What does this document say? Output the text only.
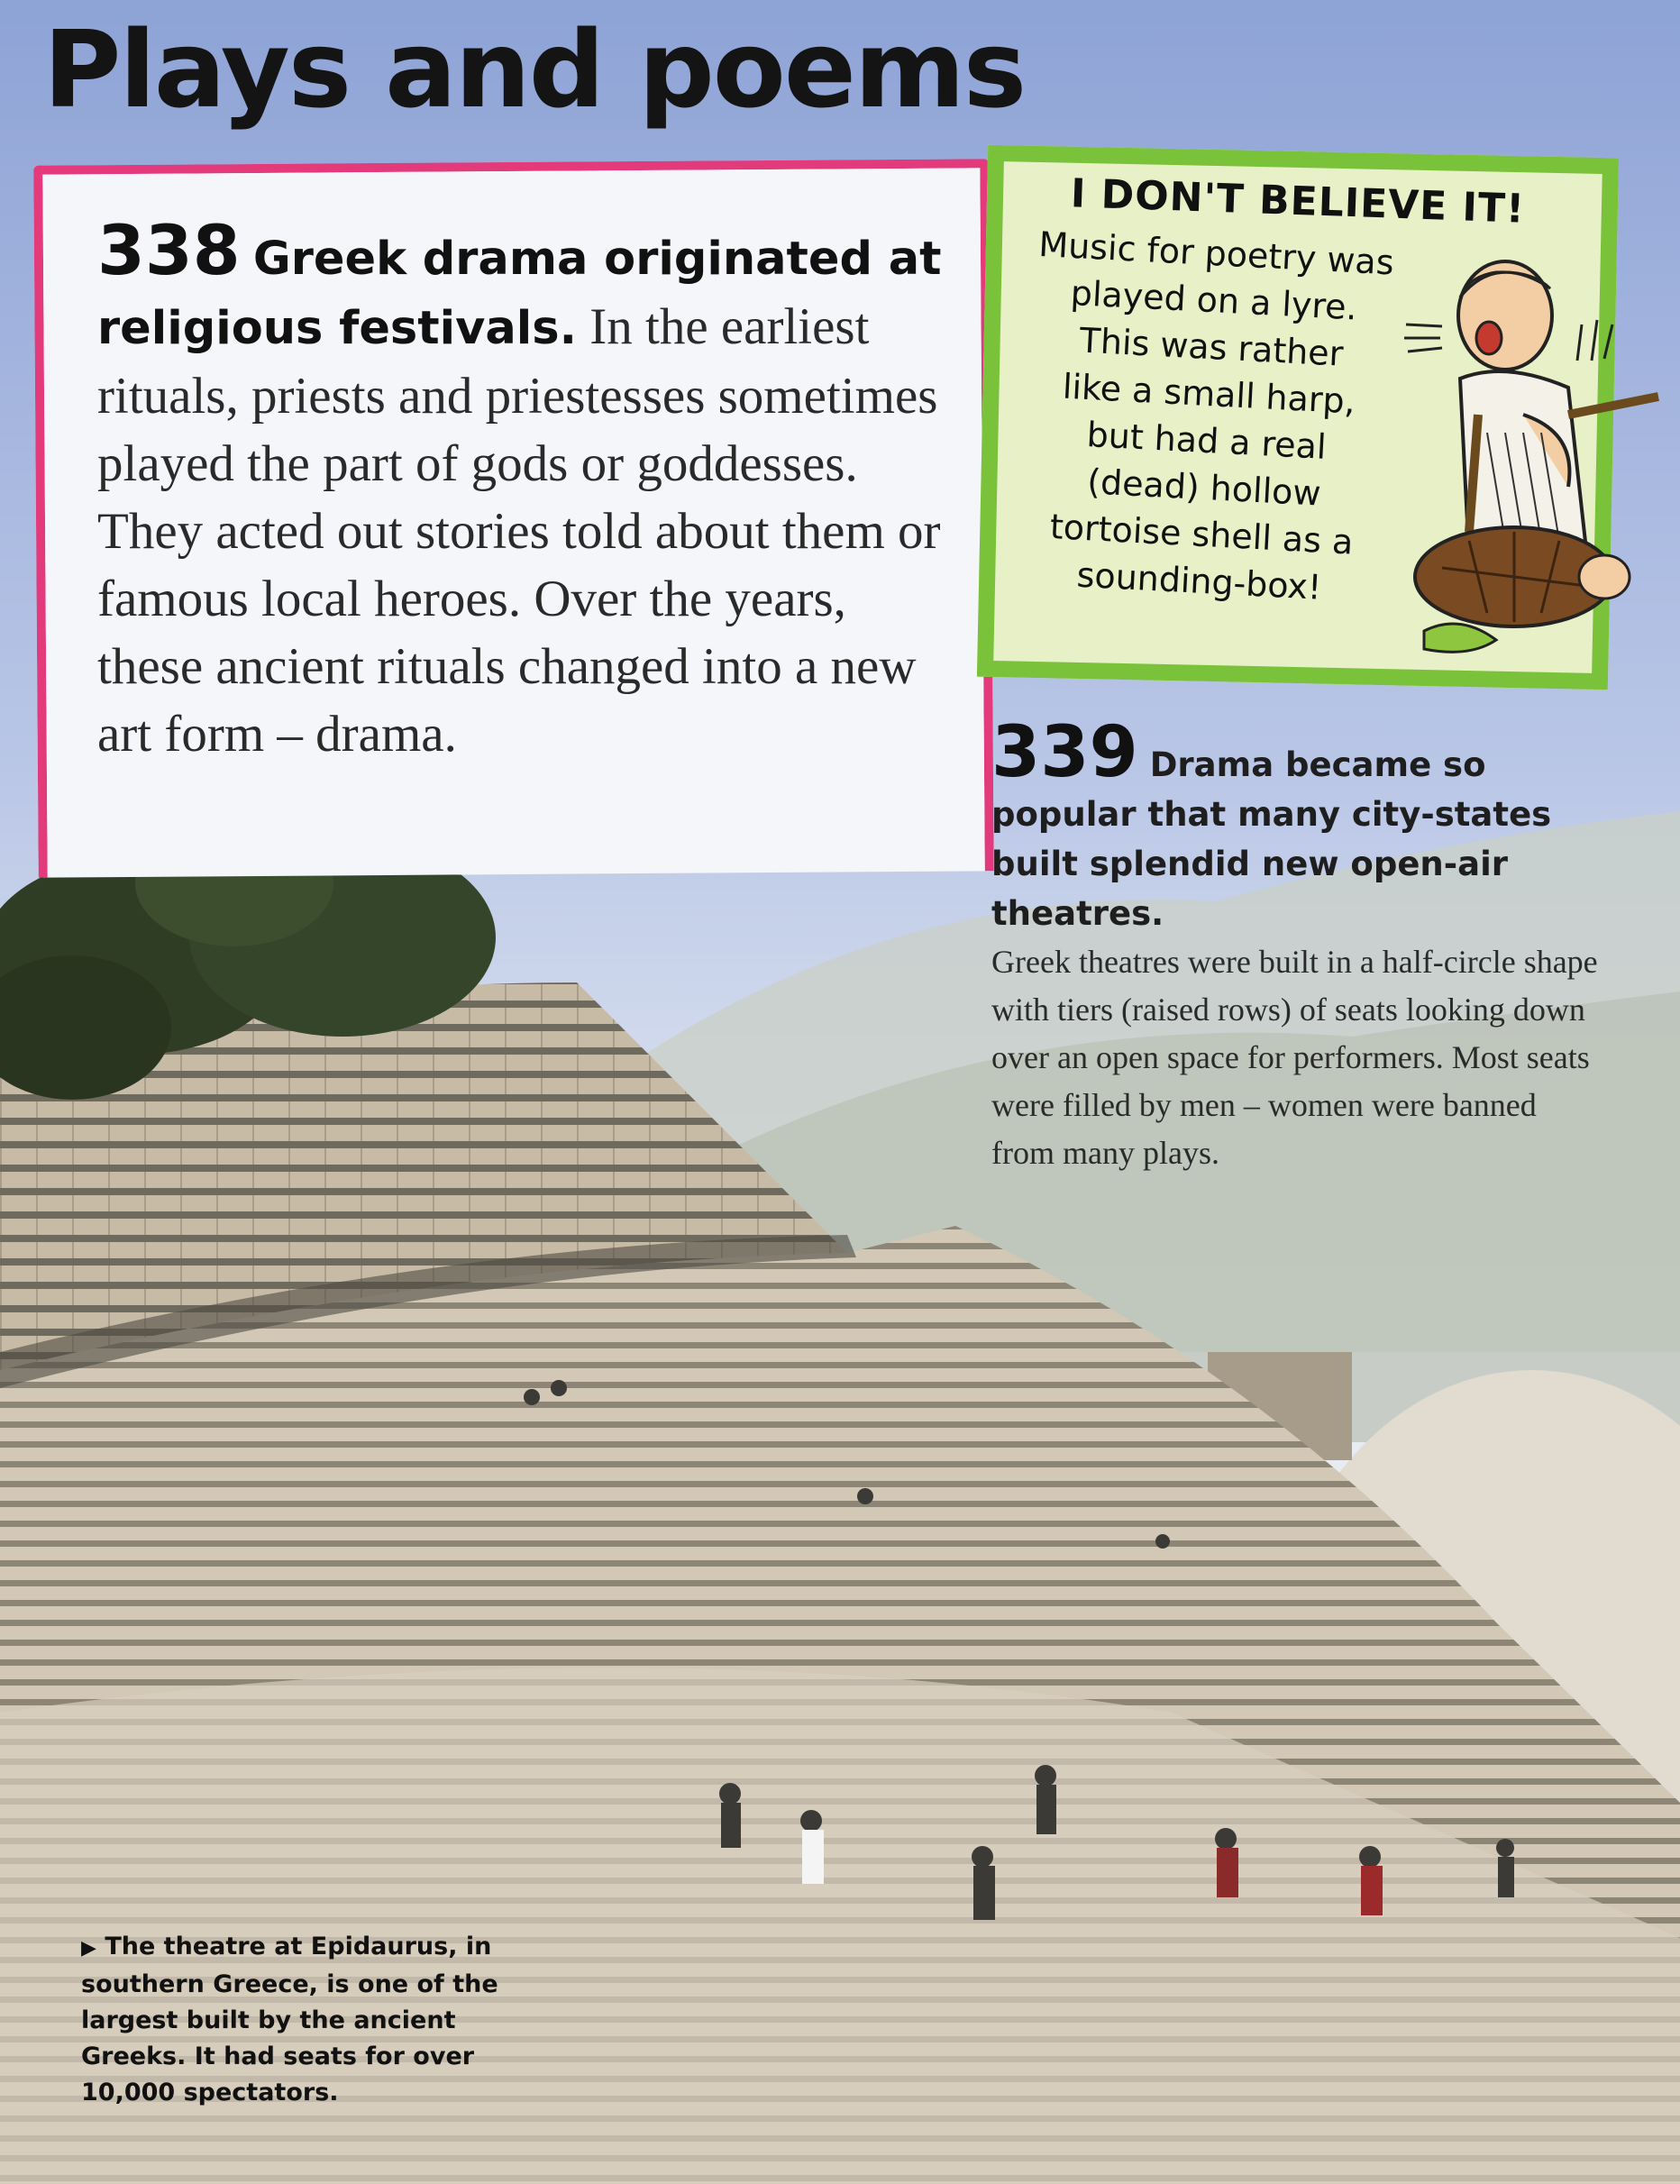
Plays and poems
338 Greek drama originated at religious festivals. In the earliest rituals, priests and priestesses sometimes played the part of gods or goddesses. They acted out stories told about them or famous local heroes. Over the years, these ancient rituals changed into a new art form – drama.
I DON'T BELIEVE IT!
Music for poetry was
played on a lyre.
This was rather
like a small harp,
but had a real
(dead) hollow
tortoise shell as a
sounding-box!
339 Drama became so popular that many city-states built splendid new open-air theatres.
Greek theatres were built in a half-circle shape with tiers (raised rows) of seats looking down over an open space for performers. Most seats were filled by men – women were banned from many plays.
▶ The theatre at Epidaurus, in southern Greece, is one of the largest built by the ancient Greeks. It had seats for over 10,000 spectators.
